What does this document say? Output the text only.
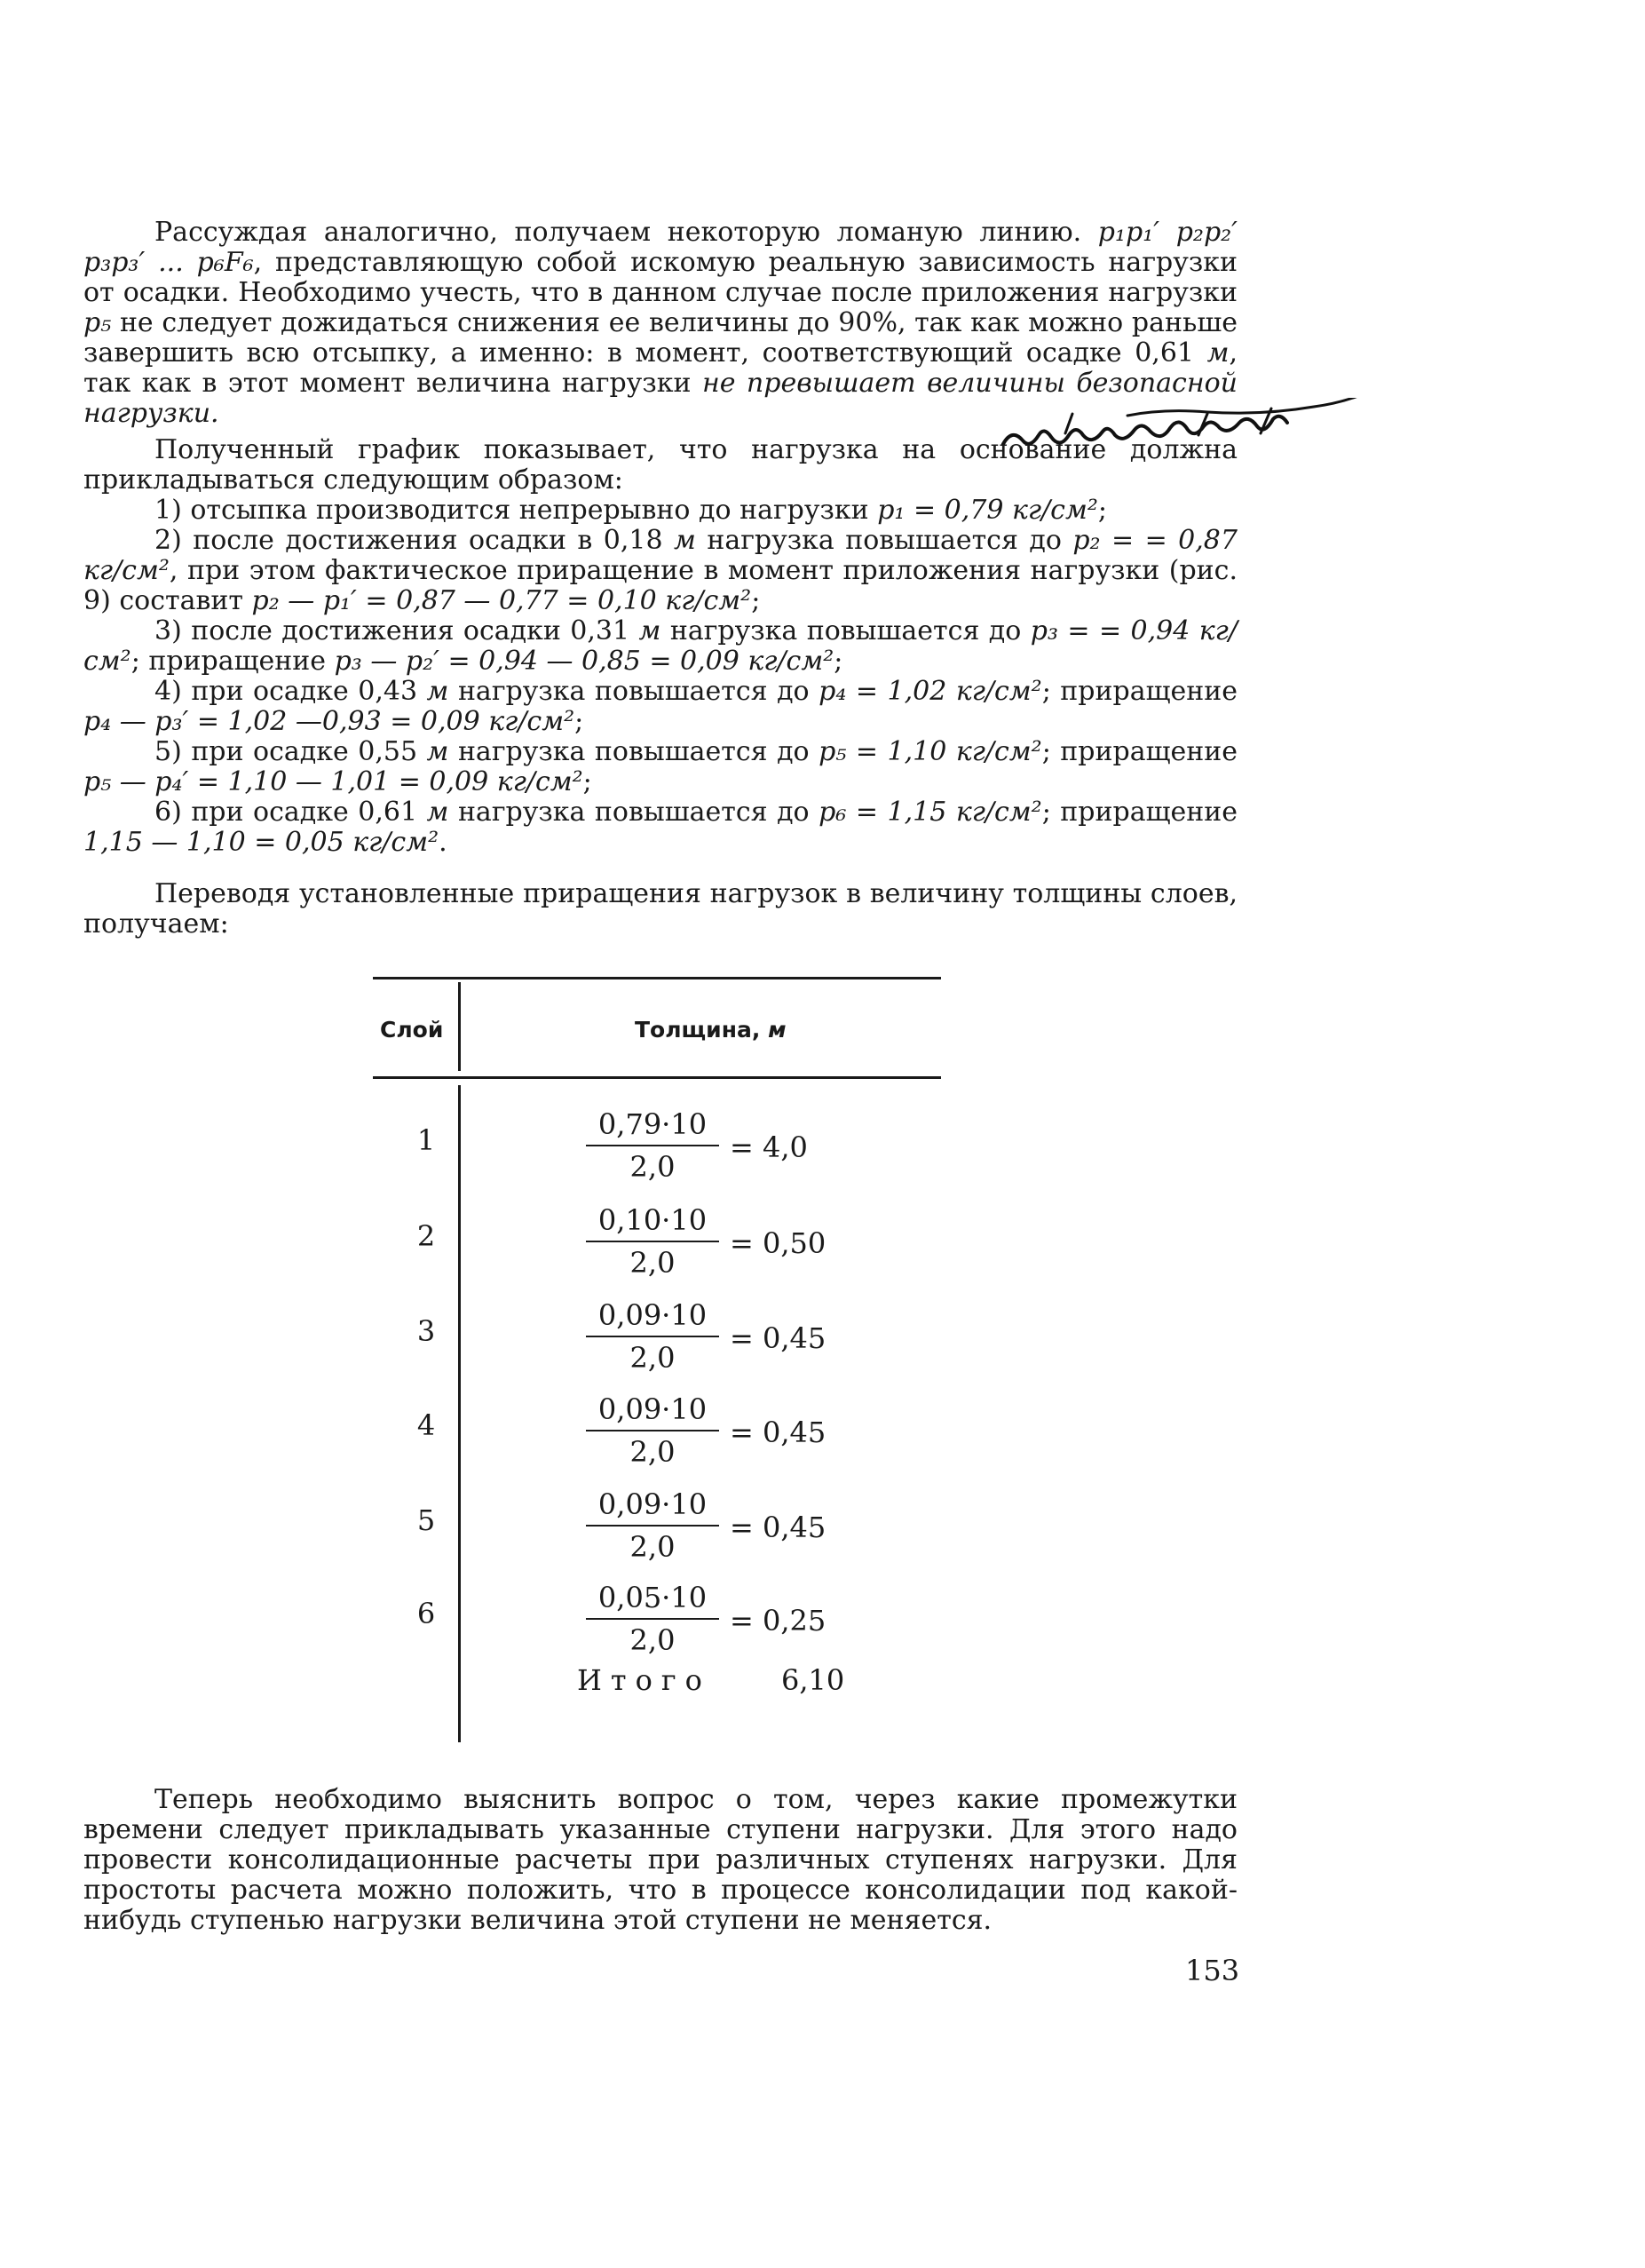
Рассуждая аналогично, получаем некоторую ломаную линию. p₁p₁′ p₂p₂′ p₃p₃′ ... p₆F₆, представляющую собой искомую реальную зависимость нагрузки от осадки. Необходимо учесть, что в данном случае после приложения нагрузки p₅ не следует дожидаться снижения ее величины до 90%, так как можно раньше завершить всю отсыпку, а именно: в момент, соответствующий осадке 0,61 м, так как в этот момент величина нагрузки не превышает величины безопасной нагрузки.

Полученный график показывает, что нагрузка на основание должна прикладываться следующим образом:

1) отсыпка производится непрерывно до нагрузки p₁ = 0,79 кг/см²;

2) после достижения осадки в 0,18 м нагрузка повышается до p₂ = = 0,87 кг/см², при этом фактическое приращение в момент приложения нагрузки (рис. 9) составит p₂ — p₁′ = 0,87 — 0,77 = 0,10 кг/см²;

3) после достижения осадки 0,31 м нагрузка повышается до p₃ = = 0,94 кг/см²; приращение p₃ — p₂′ = 0,94 — 0,85 = 0,09 кг/см²;

4) при осадке 0,43 м нагрузка повышается до p₄ = 1,02 кг/см²; приращение p₄ — p₃′ = 1,02 —0,93 = 0,09 кг/см²;

5) при осадке 0,55 м нагрузка повышается до p₅ = 1,10 кг/см²; приращение p₅ — p₄′ = 1,10 — 1,01 = 0,09 кг/см²;

6) при осадке 0,61 м нагрузка повышается до p₆ = 1,15 кг/см²; приращение 1,15 — 1,10 = 0,05 кг/см².

Переводя установленные приращения нагрузок в величину толщины слоев, получаем:

Слой	Толщина, м
1	0,79·10
2,0
= 4,0
2	0,10·10
2,0
= 0,50
3	0,09·10
2,0
= 0,45
4	0,09·10
2,0
= 0,45
5	0,09·10
2,0
= 0,45
6	0,05·10
2,0
= 0,25
Итого 6,10

Теперь необходимо выяснить вопрос о том, через какие промежутки времени следует прикладывать указанные ступени нагрузки. Для этого надо провести консолидационные расчеты при различных ступенях нагрузки. Для простоты расчета можно положить, что в процессе консолидации под какой-нибудь ступенью нагрузки величина этой ступени не меняется.

153
